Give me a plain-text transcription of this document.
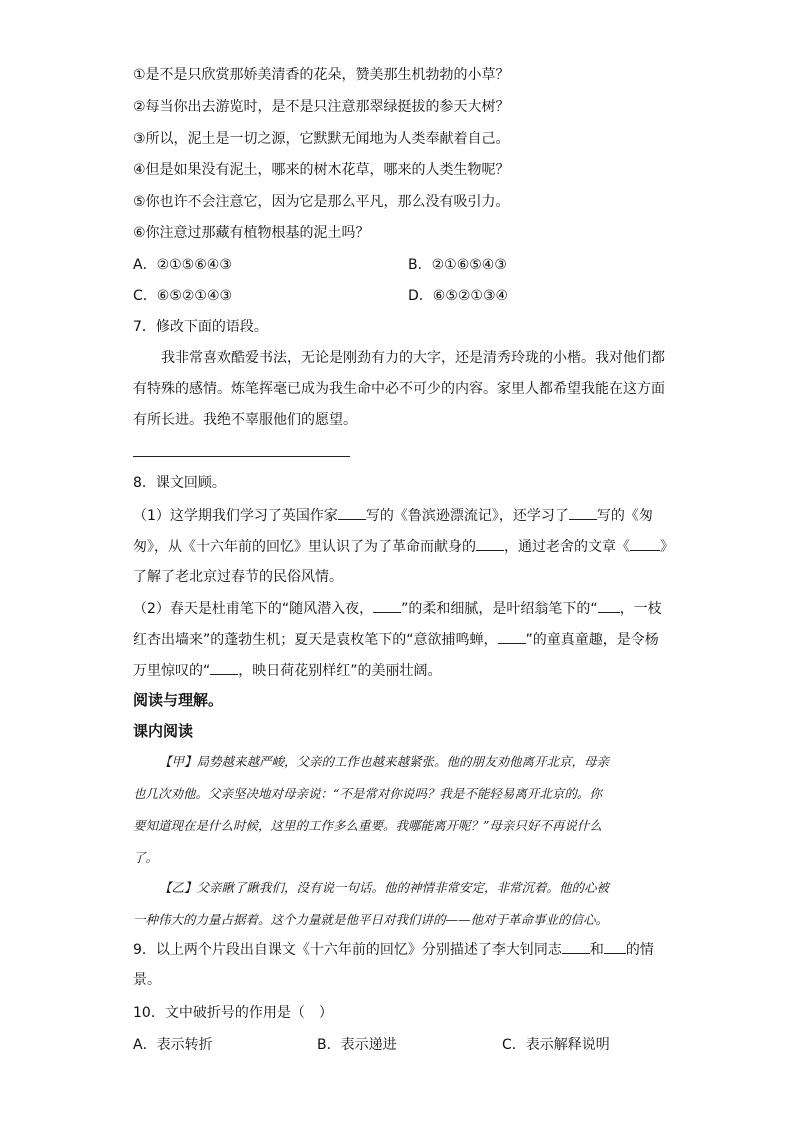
①是不是只欣赏那娇美清香的花朵，赞美那生机勃勃的小草？
②每当你出去游览时，是不是只注意那翠绿挺拔的参天大树？
③所以，泥土是一切之源，它默默无闻地为人类奉献着自己。
④但是如果没有泥土，哪来的树木花草，哪来的人类生物呢？
⑤你也许不会注意它，因为它是那么平凡，那么没有吸引力。
⑥你注意过那藏有植物根基的泥土吗？
A．②①⑤⑥④③	B．②①⑥⑤④③
C．⑥⑤②①④③	D．⑥⑤②①③④
7．修改下面的语段。
我非常喜欢酷爱书法，无论是刚劲有力的大字，还是清秀玲珑的小楷。我对他们都
有特殊的感情。炼笔挥毫已成为我生命中必不可少的内容。家里人都希望我能在这方面
有所长进。我绝不辜服他们的愿望。
8．课文回顾。
（1）这学期我们学习了英国作家 写的《鲁滨逊漂流记》，还学习了 写的《匆
匆》，从《十六年前的回忆》里认识了为了革命而献身的 ，通过老舍的文章《 》
了解了老北京过春节的民俗风情。
（2）春天是杜甫笔下的“随风潜入夜， ”的柔和细腻，是叶绍翁笔下的“ ，一枝
红杏出墙来”的蓬勃生机；夏天是袁枚笔下的“意欲捕鸣蝉， ”的童真童趣，是令杨
万里惊叹的“ ，映日荷花别样红”的美丽壮阔。
阅读与理解。
课内阅读
【甲】局势越来越严峻，父亲的工作也越来越紧张。他的朋友劝他离开北京，母亲
也几次劝他。父亲坚决地对母亲说：“不是常对你说吗？我是不能轻易离开北京的。你
要知道现在是什么时候，这里的工作多么重要。我哪能离开呢？”母亲只好不再说什么
了。
【乙】父亲瞅了瞅我们，没有说一句话。他的神情非常安定，非常沉着。他的心被
一种伟大的力量占据着。这个力量就是他平日对我们讲的——他对于革命事业的信心。
9．以上两个片段出自课文《十六年前的回忆》分别描述了李大钊同志 和 的情
景。
10．文中破折号的作用是（　）
A．表示转折	B．表示递进	C．表示解释说明
